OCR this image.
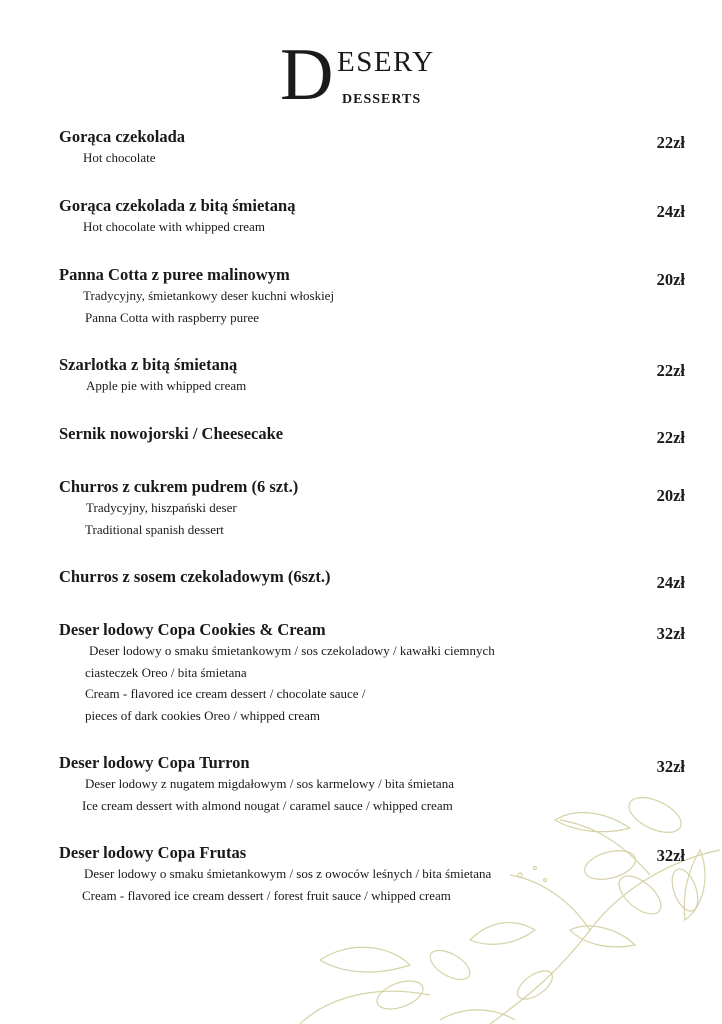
D ESERY
DESSERTS
Gorąca czekolada
Hot chocolate
22zł
Gorąca czekolada z bitą śmietaną
Hot chocolate with whipped cream
24zł
Panna Cotta z puree malinowym
Tradycyjny, śmietankowy deser kuchni włoskiej
Panna Cotta with raspberry puree
20zł
Szarlotka z bitą śmietaną
Apple pie with whipped cream
22zł
Sernik nowojorski / Cheesecake	22zł
Churros z cukrem pudrem (6 szt.)
Tradycyjny, hiszpański deser
Traditional spanish dessert
20zł
Churros z sosem czekoladowym (6szt.)	24zł
Deser lodowy Copa Cookies & Cream
Deser lodowy o smaku śmietankowym / sos czekoladowy / kawałki ciemnych
ciasteczek Oreo / bita śmietana
Cream - flavored ice cream dessert / chocolate sauce /
pieces of dark cookies Oreo / whipped cream
32zł
Deser lodowy Copa Turron
Deser lodowy z nugatem migdałowym / sos karmelowy / bita śmietana
Ice cream dessert with almond nougat / caramel sauce / whipped cream
32zł
Deser lodowy Copa Frutas
Deser lodowy o smaku śmietankowym / sos z owoców leśnych / bita śmietana
Cream - flavored ice cream dessert / forest fruit sauce / whipped cream
32zł
